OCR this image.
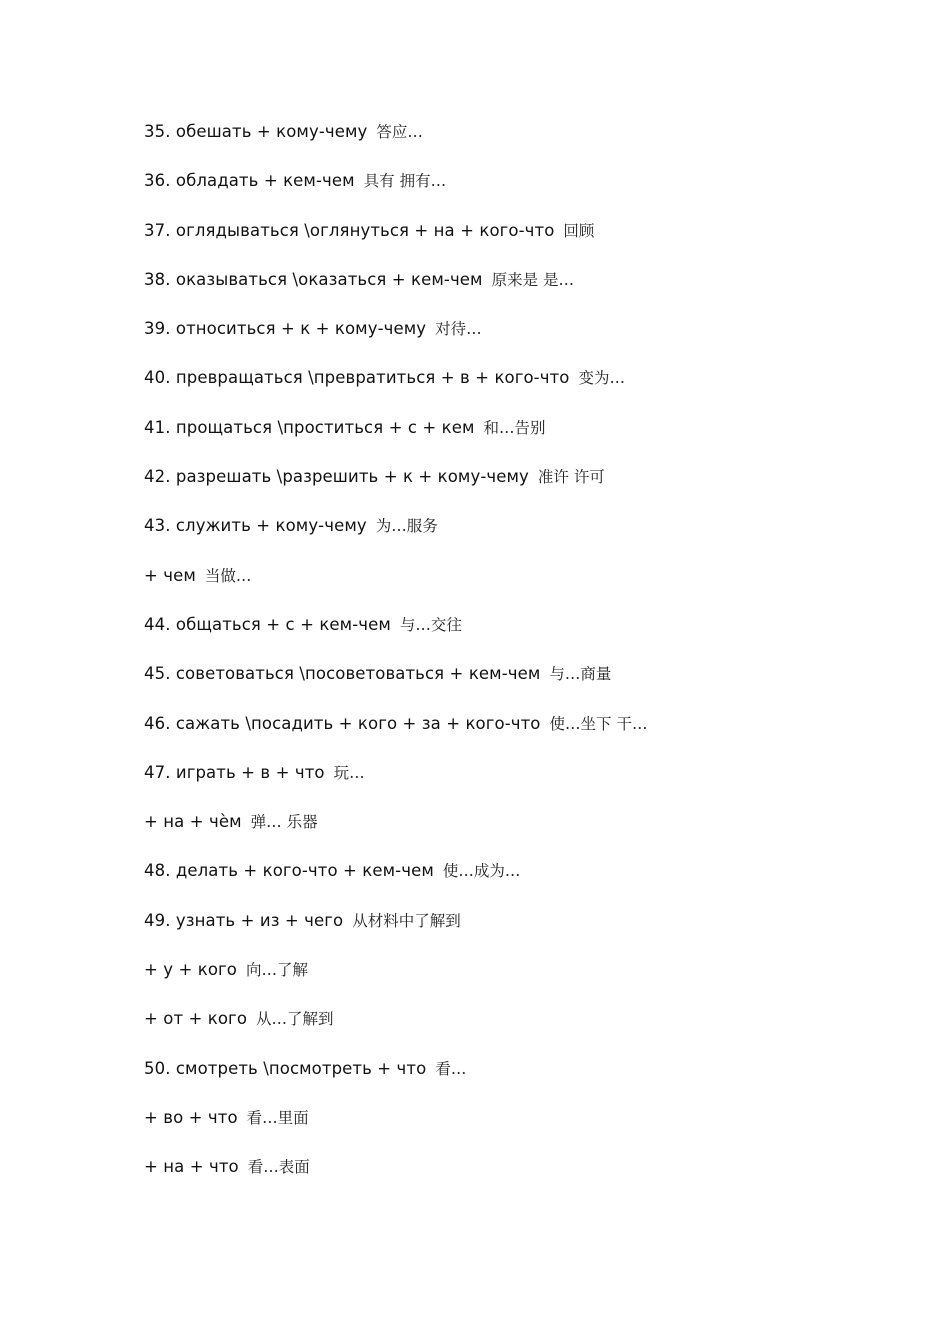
35. обешать + кому-чему 答应…
36. обладать + кем-чем 具有 拥有…
37. оглядываться \оглянуться + на + кого-что 回顾
38. оказываться \оказаться + кем-чем 原来是 是…
39. относиться + к + кому-чему 对待…
40. превращаться \превратиться + в + кого-что 变为…
41. прощаться \проститься + с + кем 和…告别
42. разрешать \разрешить + к + кому-чему 准许 许可
43. служить + кому-чему 为…服务
+ чем 当做…
44. общаться + с + кем-чем 与…交往
45. советоваться \посоветоваться + кем-чем 与…商量
46. сажать \посадить + кого + за + кого-что 使…坐下 干…
47. играть + в + что 玩…
+ на + чѐм 弹… 乐器
48. делать + кого-что + кем-чем 使…成为…
49. узнать + из + чего 从材料中了解到
+ у + кого 向…了解
+ от + кого 从…了解到
50. смотреть \посмотреть + что 看…
+ во + что 看…里面
+ на + что 看…表面
